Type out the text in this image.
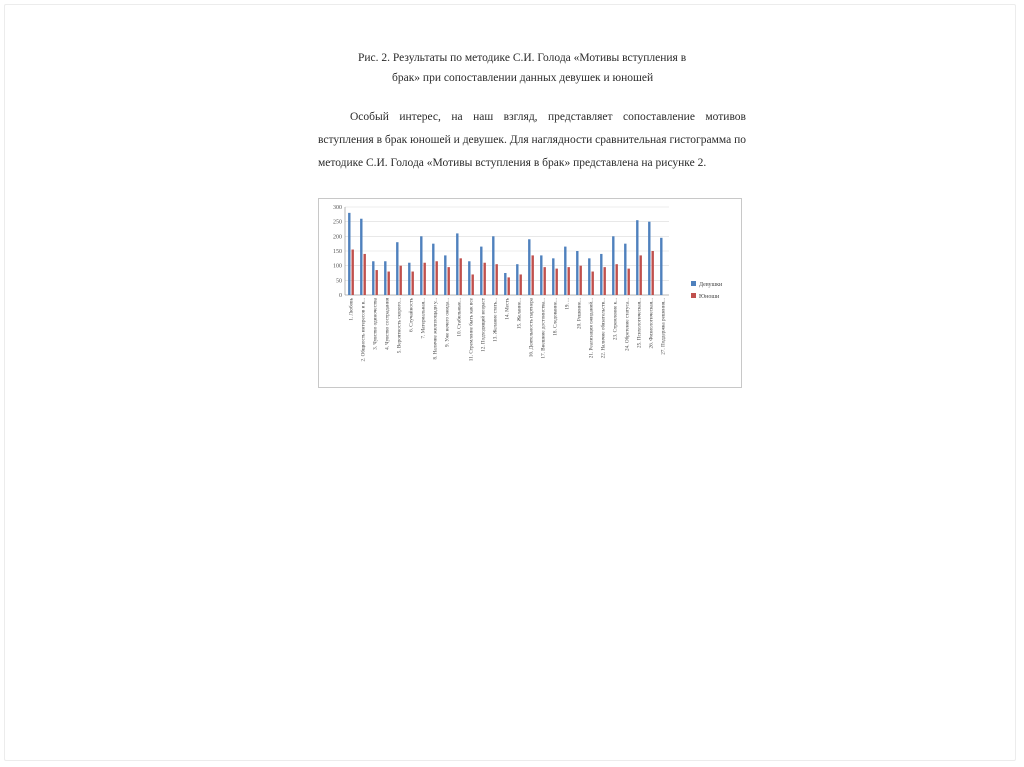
Рис. 2. Результаты по методике С.И. Голода «Мотивы вступления в
брак» при сопоставлении данных девушек и юношей
Особый интерес, на наш взгляд, представляет сопоставление мотивов вступления в брак юношей и девушек. Для наглядности сравнительная гистограмма по методике С.И. Голода «Мотивы вступления в брак» представлена на рисунке 2.
0
50
100
150
200
250
300
1. Любовь 2. Общность интересов и в... 3. Чувство одиночества 4. Чувство сострадания 5. Вероятность скорого... 6. Случайность 7. Материальная... 8. Наличие жилплощади у... 9. Уже нечего ожида... 10. Стабильные... 11. Стремление быть как все 12. Подходящий возраст 13. Желание стать... 14. Месть 15. Желание... 16. Деятельность партнера 17. Внешние достоинства... 18. Следование... 19. ... 20. Решение... 21. Реализация ожиданий... 22. Наличие обязательств... 23. Стремление к... 24. Обретение статуса... 25. Психологическая... 26. Физиологическая... 27. Поддержка решения...
Девушки
Юноши
